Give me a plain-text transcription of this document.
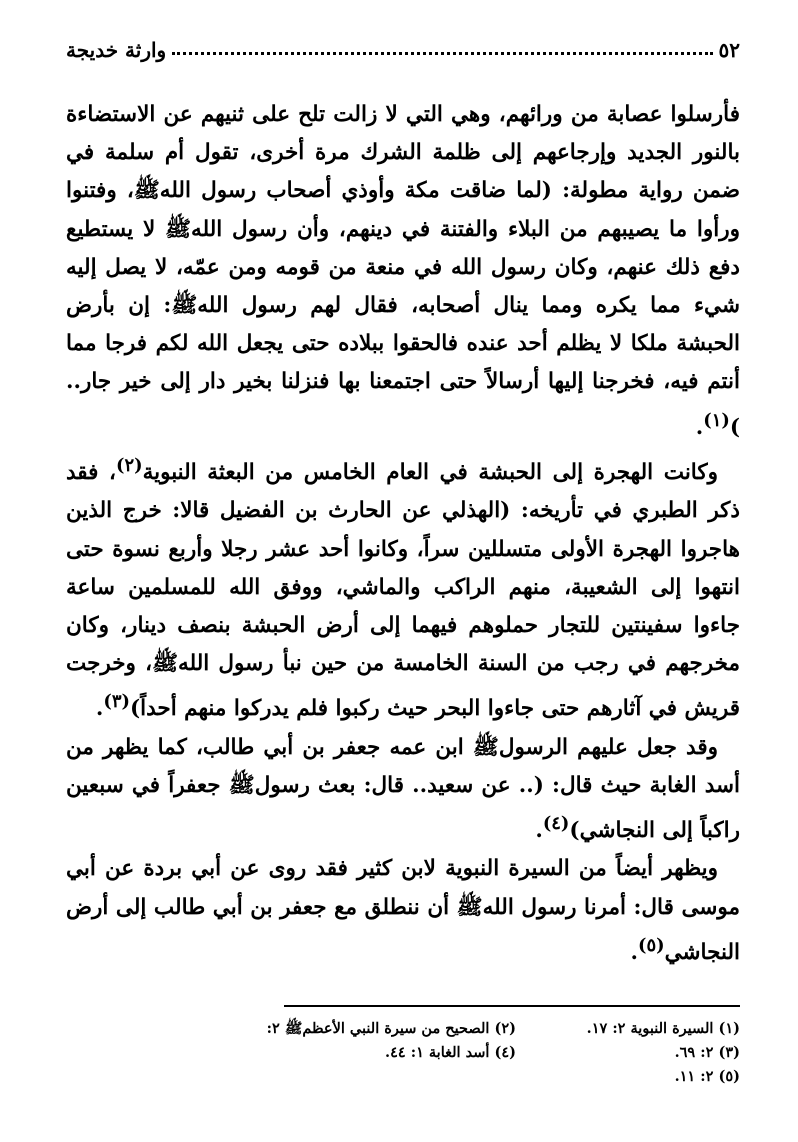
٥٢
وارثة خديجة

فأرسلوا عصابة من ورائهم، وهي التي لا زالت تلح على ثنيهم عن الاستضاءة بالنور الجديد وإرجاعهم إلى ظلمة الشرك مرة أخرى، تقول أم سلمة في ضمن رواية مطولة: (لما ضاقت مكة وأوذي أصحاب رسول اللهﷺ، وفتنوا ورأوا ما يصيبهم من البلاء والفتنة في دينهم، وأن رسول اللهﷺ لا يستطيع دفع ذلك عنهم، وكان رسول الله في منعة من قومه ومن عمّه، لا يصل إليه شيء مما يكره ومما ينال أصحابه، فقال لهم رسول اللهﷺ: إن بأرض الحبشة ملكا لا يظلم أحد عنده فالحقوا ببلاده حتى يجعل الله لكم فرجا مما أنتم فيه، فخرجنا إليها أرسالاً حتى اجتمعنا بها فنزلنا بخير دار إلى خير جار.. )$^{(١)}$.

وكانت الهجرة إلى الحبشة في العام الخامس من البعثة النبوية$^{(٢)}$، فقد ذكر الطبري في تأريخه: (الهذلي عن الحارث بن الفضيل قالا: خرج الذين هاجروا الهجرة الأولى متسللين سراً، وكانوا أحد عشر رجلا وأربع نسوة حتى انتهوا إلى الشعيبة، منهم الراكب والماشي، ووفق الله للمسلمين ساعة جاءوا سفينتين للتجار حملوهم فيهما إلى أرض الحبشة بنصف دينار، وكان مخرجهم في رجب من السنة الخامسة من حين نبأ رسول اللهﷺ، وخرجت قريش في آثارهم حتى جاءوا البحر حيث ركبوا فلم يدركوا منهم أحداً)$^{(٣)}$.

وقد جعل عليهم الرسولﷺ ابن عمه جعفر بن أبي طالب، كما يظهر من أسد الغابة حيث قال: (.. عن سعيد.. قال: بعث رسولﷺ جعفراً في سبعين راكباً إلى النجاشي)$^{(٤)}$.

ويظهر أيضاً من السيرة النبوية لابن كثير فقد روى عن أبي بردة عن أبي موسى قال: أمرنا رسول اللهﷺ أن ننطلق مع جعفر بن أبي طالب إلى أرض النجاشي$^{(٥)}$.

(١) السيرة النبوية ٢: ١٧.
(٢) الصحيح من سيرة النبي الأعظمﷺ ٢:
(٣) ٢: ٦٩.
(٤) أسد الغابة ١: ٤٤.
(٥) ٢: ١١.
